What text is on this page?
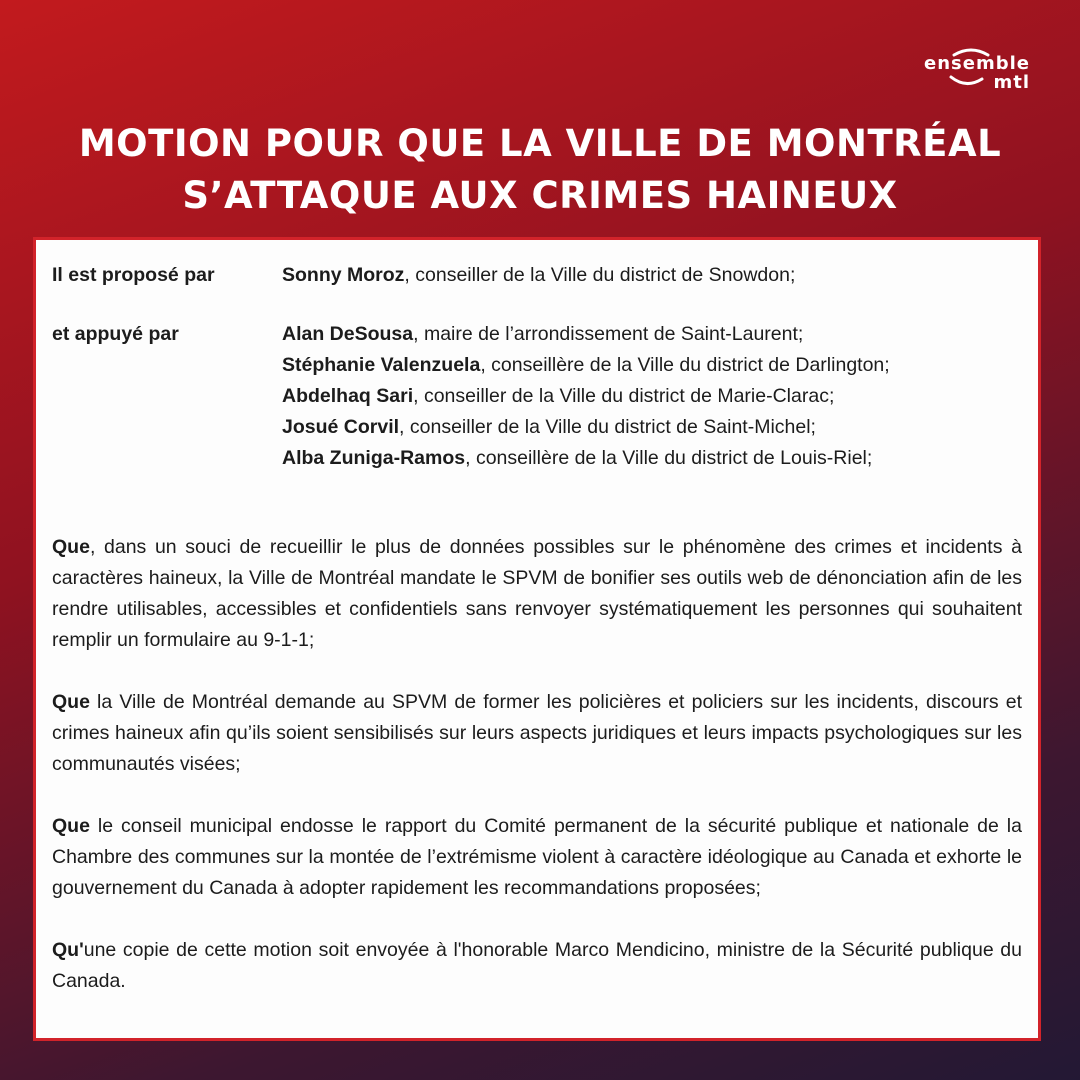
ensemble
mtl
MOTION POUR QUE LA VILLE DE MONTRÉAL
S’ATTAQUE AUX CRIMES HAINEUX
Il est proposé par	Sonny Moroz, conseiller de la Ville du district de Snowdon;
et appuyé par	Alan DeSousa, maire de l’arrondissement de Saint-Laurent;
Stéphanie Valenzuela, conseillère de la Ville du district de Darlington;
Abdelhaq Sari, conseiller de la Ville du district de Marie-Clarac;
Josué Corvil, conseiller de la Ville du district de Saint-Michel;
Alba Zuniga-Ramos, conseillère de la Ville du district de Louis-Riel;

Que, dans un souci de recueillir le plus de données possibles sur le phénomène des crimes et incidents à caractères haineux, la Ville de Montréal mandate le SPVM de bonifier ses outils web de dénonciation afin de les rendre utilisables, accessibles et confidentiels sans renvoyer systématiquement les personnes qui souhaitent remplir un formulaire au 9-1-1;

Que la Ville de Montréal demande au SPVM de former les policières et policiers sur les incidents, discours et crimes haineux afin qu’ils soient sensibilisés sur leurs aspects juridiques et leurs impacts psychologiques sur les communautés visées;

Que le conseil municipal endosse le rapport du Comité permanent de la sécurité publique et nationale de la Chambre des communes sur la montée de l’extrémisme violent à caractère idéologique au Canada et exhorte le gouvernement du Canada à adopter rapidement les recommandations proposées;

Qu'une copie de cette motion soit envoyée à l'honorable Marco Mendicino, ministre de la Sécurité publique du Canada.
